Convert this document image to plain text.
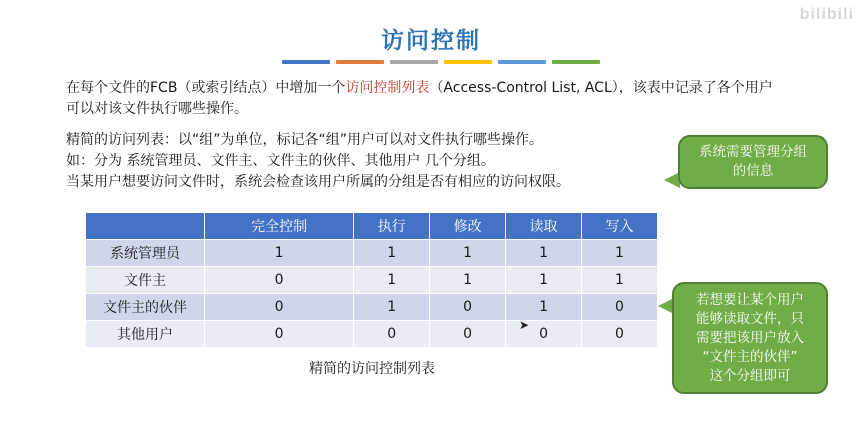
bilibili
访问控制
在每个文件的FCB（或索引结点）中增加一个访问控制列表（Access-Control List, ACL），该表中记录了各个用户可以对该文件执行哪些操作。
精简的访问列表：以“组”为单位，标记各“组”用户可以对文件执行哪些操作。
如：分为 系统管理员、文件主、文件主的伙伴、其他用户 几个分组。
当某用户想要访问文件时，系统会检查该用户所属的分组是否有相应的访问权限。
系统需要管理分组的信息
	完全控制	执行	修改	读取	写入
系统管理员	1	1	1	1	1
文件主	0	1	1	1	1
文件主的伙伴	0	1	0	1	0
其他用户	0	0	0	0	0
精简的访问控制列表
➤
若想要让某个用户
能够读取文件，只
需要把该用户放入
“文件主的伙伴”
这个分组即可
